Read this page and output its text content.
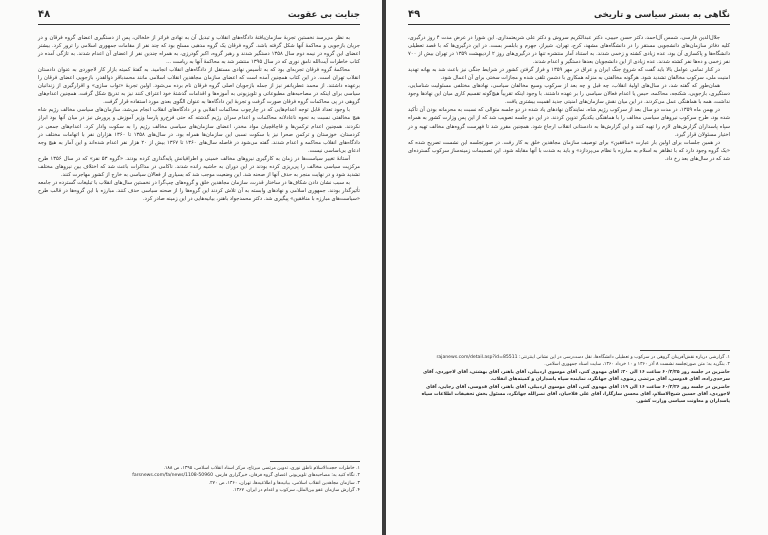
جنایت بی عقوبت
۴۸

به نظر می‌رسد نخستین تجربهٔ سازمان‌یافتهٔ دادگاه‌های انقلاب و تبدیل آن به نهادی فراتر از خلخالی، پس از دستگیری اعضای گروه فرقان و در جریان بازجویی و محاکمهٔ آنها شکل گرفته باشد. گروه فرقان یک گروه مذهبی مسلح بود که چند نفر از مقامات جمهوری اسلامی را ترور کرد. بیشتر اعضای این گروه در نیمه دوم سال ۱۳۵۸ دستگیر شدند و رهبر گروه، اکبر گودرزی، به همراه چندین نفر از اعضای آن اعدام شدند. به تازگی آمده در کتاب خاطرات آیت‌الله نامق نوری که در سال ۱۳۹۵ منتشر شد به محاکمهٔ آنها به ریاست ...

محاکمهٔ گروه فرقان تجربه‌ای بود که به تأسیس نهادی مستقل از دادگاه‌های انقلاب انجامید. به گفتهٔ کمیته بازار کار لاجوردی به عنوان دادستان انقلاب تهران است. در این کتاب همچنین آمده است که اعضای سازمان مجاهدین انقلاب اسلامی مانند محمدباقر ذوالقدر، بازجویی اعضای فرقان را برعهده داشتند. از محمد عطریانفر نیز از جمله بازجویان اصلی گروه فرقان نام برده می‌شود. اولین تجربهٔ «تواب سازی» و اقرارگیری از زندانیان سیاسی برای اینکه در مصاحبه‌های مطبوعاتی و تلویزیونی به آموزه‌ها و اقدامات گذشتهٔ خود اعتراف کنند نیز به تدریج شکل گرفت. همچنین اعدام‌های گروهی در پی محاکمات گروه فرقان صورت گرفت و تجربهٔ این دادگاه‌ها به عنوان الگوی بعدی مورد استفاده قرار گرفت.

با وجود تعداد قابل توجه اعدام‌هایی که در چارچوب محاکمات انقلابی و در دادگاه‌های انقلاب انجام می‌شد، سازمان‌های سیاسی مخالف رژیم شاه هیچ مخالفتی نسبت به نحوه ناعادلانه محاکمات و اعدام سران رژیم گذشته که حتی فرخ‌رو پارسا وزیر آموزش و پرورش نیز در میان آنها بود ابراز نکردند. همچنین اعدام ترکمن‌ها و قاچاقچیان مواد مخدر، اعضای سازمان‌های سیاسی مخالف رژیم را به سکوت وادار کرد. اعدام‌های جمعی در کردستان، خوزستان و ترکمن صحرا نیز با سکوت نسبی این سازمان‌ها همراه بود. در سال‌های ۱۳۵۸ تا ۱۳۶۰ هزاران نفر با اتهامات مختلف در دادگاه‌های انقلاب محاکمه و اعدام شدند. گفته می‌شود در فاصله سال‌های ۱۳۶۰ تا ۱۳۶۷ بیش از ۲۰ هزار نفر اعدام شده‌اند و این آمار به هیچ وجه ادعای بی‌اساسی نیست.

آستانهٔ تغییر سیاست‌ها در زمان به کارگیری نیروهای مخالف خمینی و اطرافیانش پایه‌گذاری کرده بودند. «گروه ۵۳ نفر» که در سال ۱۳۵۶ طرح مرکزیت سیاسی مخالف را پی‌ریزی کرده بودند در این دوران به حاشیه رانده شدند. ناکامی در مذاکرات باعث شد که اختلاف بین نیروهای مختلف تشدید شود و در نهایت منجر به حذف آنها از صحنه شد. این وضعیت موجب شد که بسیاری از فعالان سیاسی به خارج از کشور مهاجرت کنند.

به سبب نشان دادن شکاف‌ها در ساختار قدرت، سازمان مجاهدین خلق و گروه‌های چپ‌گرا در نخستین سال‌های انقلاب با تبلیغات گسترده در جامعه تأثیرگذار بودند. جمهوری اسلامی و نهادهای وابسته به آن تلاش کردند این گروه‌ها را از صحنه سیاسی حذف کنند. مبارزه با این گروه‌ها در قالب طرح «سیاست‌های مبارزه با منافقین» پیگیری شد. دکتر محمدجواد باهنر، بیانیه‌هایی در این زمینه صادر کرد.

۱. خاطرات حجت‌الاسلام ناطق نوری، تدوین مرتضی میرتاج، مرکز اسناد انقلاب اسلامی، ۱۳۹۵، ص ۱۸۸.
۲. نگاه کنید به: مصاحبه‌های تلویزیونی اعضای گروه فرقان، خبرگزاری فارس، farsnews.com/fa/news/1108-50960
۳. سازمان مجاهدین انقلاب اسلامی، بیانیه‌ها و اطلاعیه‌ها، تهران، ۱۳۶۰، ص ۲۷۰.
۴. گزارش سازمان عفو بین‌الملل، سرکوب و اعدام در ایران، ۱۳۶۷.
نگاهی به بستر سیاسی و تاریخی
۴۹

جلال‌الدین فارسی، شمس آل‌احمد، دکتر حسن حبیبی، دکتر عبدالکریم سروش و دکتر علی شریعتمداری. این شورا در عرض مدت ۴ روز درگیری، کلیه دفاتر سازمان‌های دانشجویی مستقر را در دانشگاه‌های مشهد، کرج، تهران، شیراز، جهرم و بابلسر بست. در این درگیری‌ها که با قصد تعطیلی دانشگاه‌ها و پاکسازی آن بود، عده زیادی کشته و زخمی شدند. به استناد آمار منتشره تنها در درگیری‌های روز ۲ اردیبهشت ۱۳۵۹ در تهران بیش از ۷۰۰ نفر زخمی و ده‌ها نفر کشته شدند. عده زیادی از این دانشجویان بعدها دستگیر و اعدام شدند.

در کنار تمامی عوامل بالا باید گفت که شروع جنگ ایران و عراق در مهر ۱۳۵۹ و فراز گرفتن کشور در شرایط جنگی نیز باعث شد به بهانه تهدید امنیت ملی، سرکوب مخالفان تشدید شود. هرگونه مخالفتی به منزله همکاری با دشمن تلقی شده و مجازات سختی برای آن اعمال شود.

همان‌طور که گفته شد، در سال‌های اولیهٔ انقلاب، چه قبل و چه بعد از سرکوب وسیع مخالفان سیاسی، نهادهای مختلفی مسئولیت شناسایی، دستگیری، بازجویی، شکنجه، محاکمه، حبس یا اعدام فعالان سیاسی را بر عهده داشتند. با وجود اینکه تقریباً هیچ‌گونه تقسیم کاری میان این نهادها وجود نداشت، همه با هماهنگی عمل می‌کردند. در این میان نقش سازمان‌های امنیتی جدید اهمیت بیشتری یافت.

در بهمن ماه ۱۳۵۹، در مدت دو سال بعد از سرکوب رژیم شاه، نمایندگان نهادهای یاد شده در دو جلسه متوالی که نسبت به محرمانه بودن آن تأکید شده بود، طرح سرکوب نیروهای سیاسی مخالف را با هماهنگی یکدیگر تدوین کردند. در این دو جلسه تصویب شد که از این پس وزارت کشور به همراه سپاه پاسداران گزارش‌های لازم را تهیه کنند و این گزارش‌ها به دادستانی انقلاب ارجاع شود. همچنین مقرر شد تا فهرست گروه‌های مخالف تهیه و در اختیار مسئولان قرار گیرد.

در همین جلسات برای اولین بار عبارت «منافقین» برای توصیف سازمان مجاهدین خلق به کار رفت. در صورتجلسه این نشست تصریح شده که «یک گروه وجود دارد که با تظاهر به اسلام به مبارزه با نظام می‌پردازد» و باید به شدت با آنها مقابله شود. این تصمیمات زمینه‌ساز سرکوب گسترده‌ای شد که در سال‌های بعد رخ داد.

۱. گزارشی درباره نقش‌آفرینان گروهی در سرکوب و تعطیلی دانشگاه‌ها، نقل دست‌رسی در این نشانی اینترنتی: rajanews.com/detail.asp?id=85511
۲. بنگرید به: متن صورتجلسه نشست ۸ آذر ۱۳۶۰ و ۱۰ خرداد ۱۳۶۰، سایت اسناد جمهوری اسلامی.
حاضرین در جلسه روز ۶۰/۳/۲۵ ساعت ۱۶ الی ۲۰: آقای مهدوی کنی، آقای موسوی اردبیلی، آقای باهنر، آقای بهشتی، آقای لاجوردی، آقای سرحدی‌زاده، آقای قدوسی، آقای مرتضی رضوی، آقای جهانگرد، نماینده سپاه پاسداران و کمیته‌های انقلاب.
حاضرین در جلسه روز ۶۰/۳/۲۶ ساعت ۱۶ الی ۱۹: آقای مهدوی کنی، آقای موسوی اردبیلی، آقای باهنر، آقای قدوسی، آقای رجایی، آقای لاجوردی، آقای حسین شیخ‌الاسلام، آقای محسن سازگارا، آقای علی فلاحیان، آقای نصرالله جهانگرد، مسئول بخش تحقیقات اطلاعات سپاه پاسداران و معاونت سیاسی وزارت کشور.
